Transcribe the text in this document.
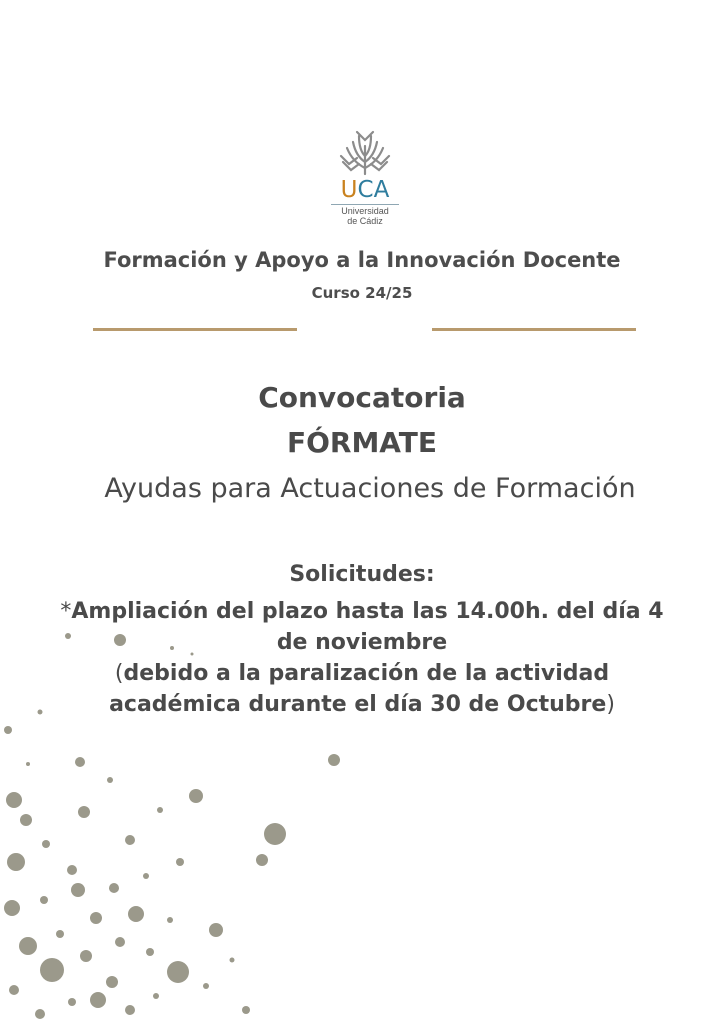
UCA
Universidad
de Cádiz
Formación y Apoyo a la Innovación Docente
Curso 24/25
Convocatoria
FÓRMATE
Ayudas para Actuaciones de Formación
Solicitudes:
*Ampliación del plazo hasta las 14.00h. del día 4
de noviembre
(debido a la paralización de la actividad
académica durante el día 30 de Octubre)
